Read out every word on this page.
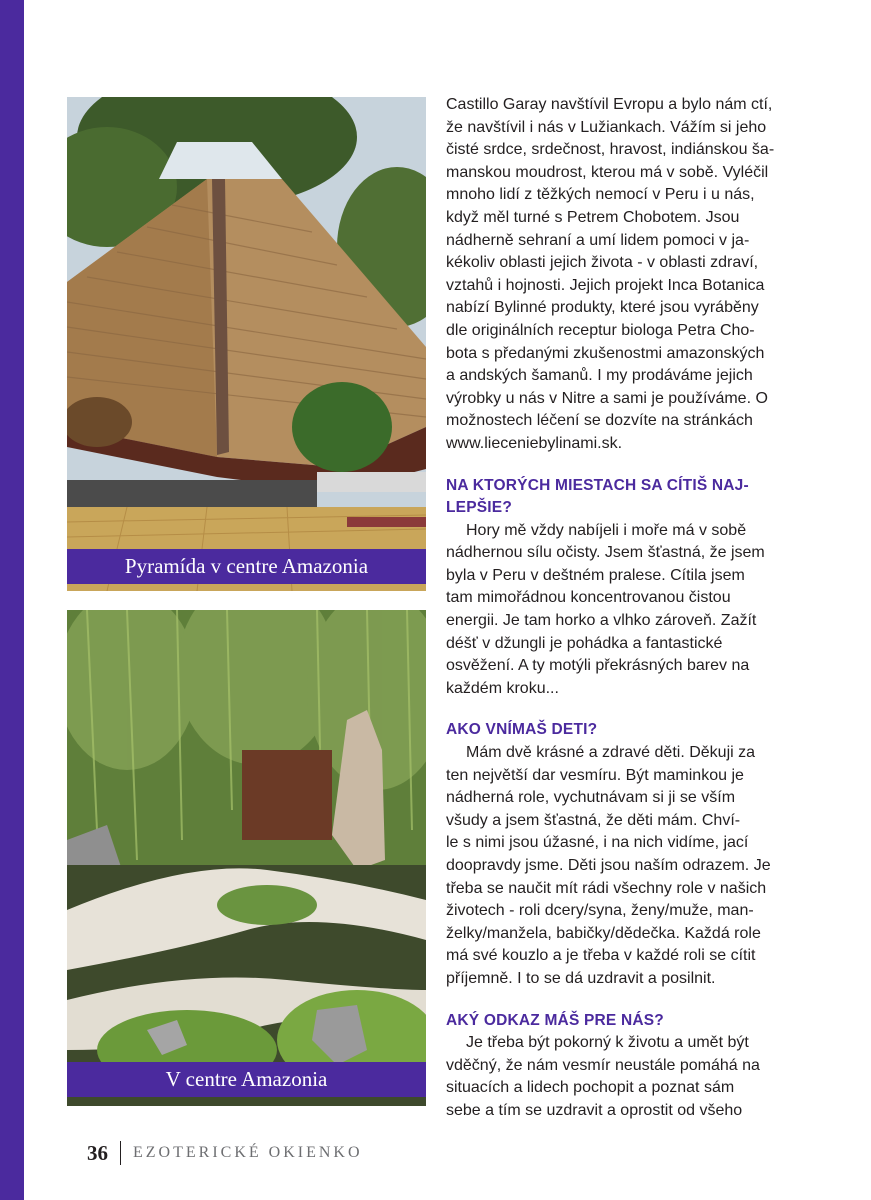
Pyramída v centre Amazonia
V centre Amazonia

Castillo Garay navštívil Evropu a bylo nám ctí,
že navštívil i nás v Lužiankach. Vážím si jeho
čisté srdce, srdečnost, hravost, indiánskou ša-
manskou moudrost, kterou má v sobě. Vyléčil
mnoho lidí z těžkých nemocí v Peru i u nás,
když měl turné s Petrem Chobotem. Jsou
nádherně sehraní a umí lidem pomoci v ja-
kékoliv oblasti jejich života - v oblasti zdraví,
vztahů i hojnosti. Jejich projekt Inca Botanica
nabízí Bylinné produkty, které jsou vyráběny
dle originálních receptur biologa Petra Cho-
bota s předanými zkušenostmi amazonských
a andských šamanů. I my prodáváme jejich
výrobky u nás v Nitre a sami je používáme. O
možnostech léčení se dozvíte na stránkách
www.lieceniebylinami.sk.

NA KTORÝCH MIESTACH SA CÍTIŠ NAJ-
LEPŠIE?

Hory mě vždy nabíjeli i moře má v sobě
nádhernou sílu očisty. Jsem šťastná, že jsem
byla v Peru v deštném pralese. Cítila jsem
tam mimořádnou koncentrovanou čistou
energii. Je tam horko a vlhko zároveň. Zažít
déšť v džungli je pohádka a fantastické
osvěžení. A ty motýli překrásných barev na
každém kroku...

AKO VNÍMAŠ DETI?

Mám dvě krásné a zdravé děti. Děkuji za
ten největší dar vesmíru. Být maminkou je
nádherná role, vychutnávam si ji se vším
všudy a jsem šťastná, že děti mám. Chví-
le s nimi jsou úžasné, i na nich vidíme, jací
doopravdy jsme. Děti jsou naším odrazem. Je
třeba se naučit mít rádi všechny role v našich
životech - roli dcery/syna, ženy/muže, man-
želky/manžela, babičky/dědečka. Každá role
má své kouzlo a je třeba v každé roli se cítit
příjemně. I to se dá uzdravit a posilnit.

AKÝ ODKAZ MÁŠ PRE NÁS?

Je třeba být pokorný k životu a umět být
vděčný, že nám vesmír neustále pomáhá na
situacích a lidech pochopit a poznat sám
sebe a tím se uzdravit a oprostit od všeho

36 EZOTERICKÉ OKIENKO
